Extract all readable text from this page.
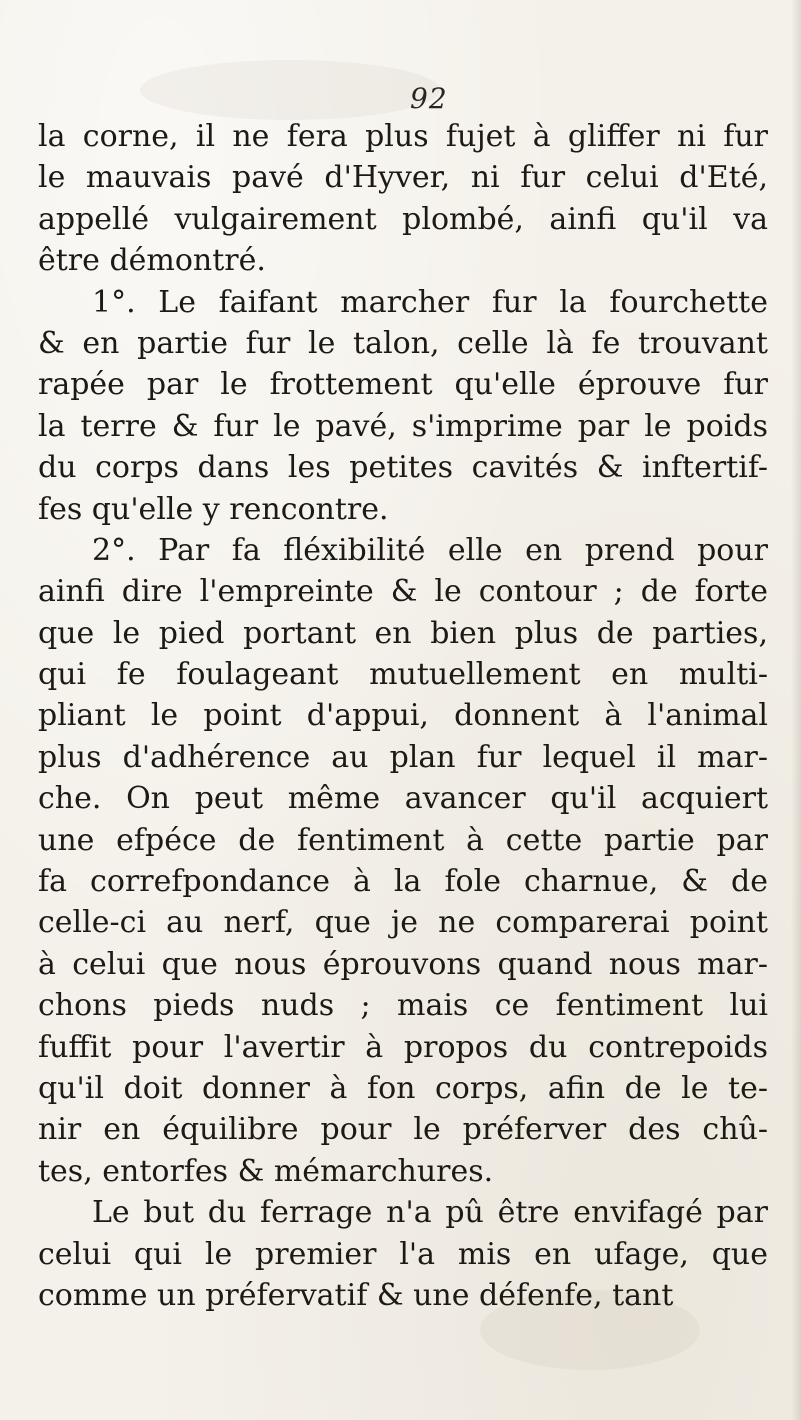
92
la corne, il ne fera plus fujet à gliffer ni fur
le mauvais pavé d'Hyver, ni fur celui d'Eté,
appellé vulgairement plombé, ainfi qu'il va
être démontré.
1°. Le faifant marcher fur la fourchette
& en partie fur le talon, celle là fe trouvant
rapée par le frottement qu'elle éprouve fur
la terre & fur le pavé, s'imprime par le poids
du corps dans les petites cavités & inftertif-
fes qu'elle y rencontre.
2°. Par fa fléxibilité elle en prend pour
ainfi dire l'empreinte & le contour ; de forte
que le pied portant en bien plus de parties,
qui fe foulageant mutuellement en multi-
pliant le point d'appui, donnent à l'animal
plus d'adhérence au plan fur lequel il mar-
che. On peut même avancer qu'il acquiert
une efpéce de fentiment à cette partie par
fa correfpondance à la fole charnue, & de
celle-ci au nerf, que je ne comparerai point
à celui que nous éprouvons quand nous mar-
chons pieds nuds ; mais ce fentiment lui
fuffit pour l'avertir à propos du contrepoids
qu'il doit donner à fon corps, afin de le te-
nir en équilibre pour le préferver des chû-
tes, entorfes & mémarchures.
Le but du ferrage n'a pû être envifagé par
celui qui le premier l'a mis en ufage, que
comme un préfervatif & une défenfe, tant
